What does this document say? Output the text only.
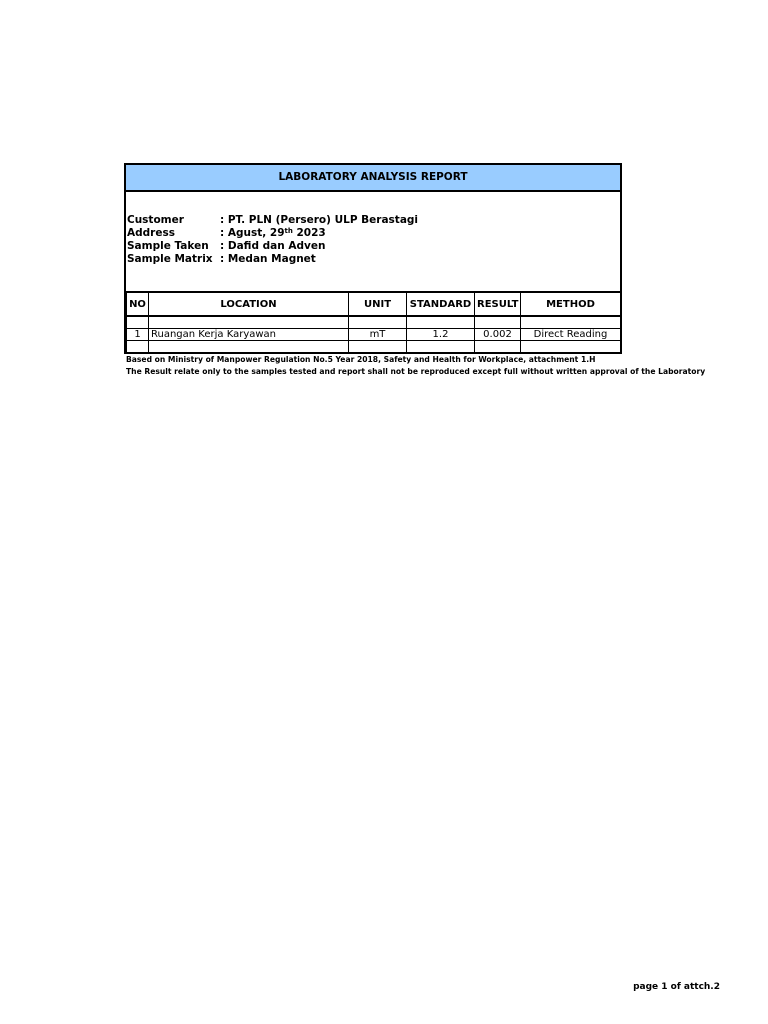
LABORATORY ANALYSIS REPORT
Customer	: PT. PLN (Persero) ULP Berastagi
Address	: Agust, 29th 2023
Sample Taken : Dafid dan Adven
Sample Matrix : Medan Magnet
NO	LOCATION	UNIT	STANDARD	RESULT	METHOD

1	Ruangan Kerja Karyawan	mT	1.2	0.002	Direct Reading

Based on Ministry of Manpower Regulation No.5 Year 2018, Safety and Health for Workplace, attachment 1.H
The Result relate only to the samples tested and report shall not be reproduced except full without written approval of the Laboratory
page 1 of attch.2
